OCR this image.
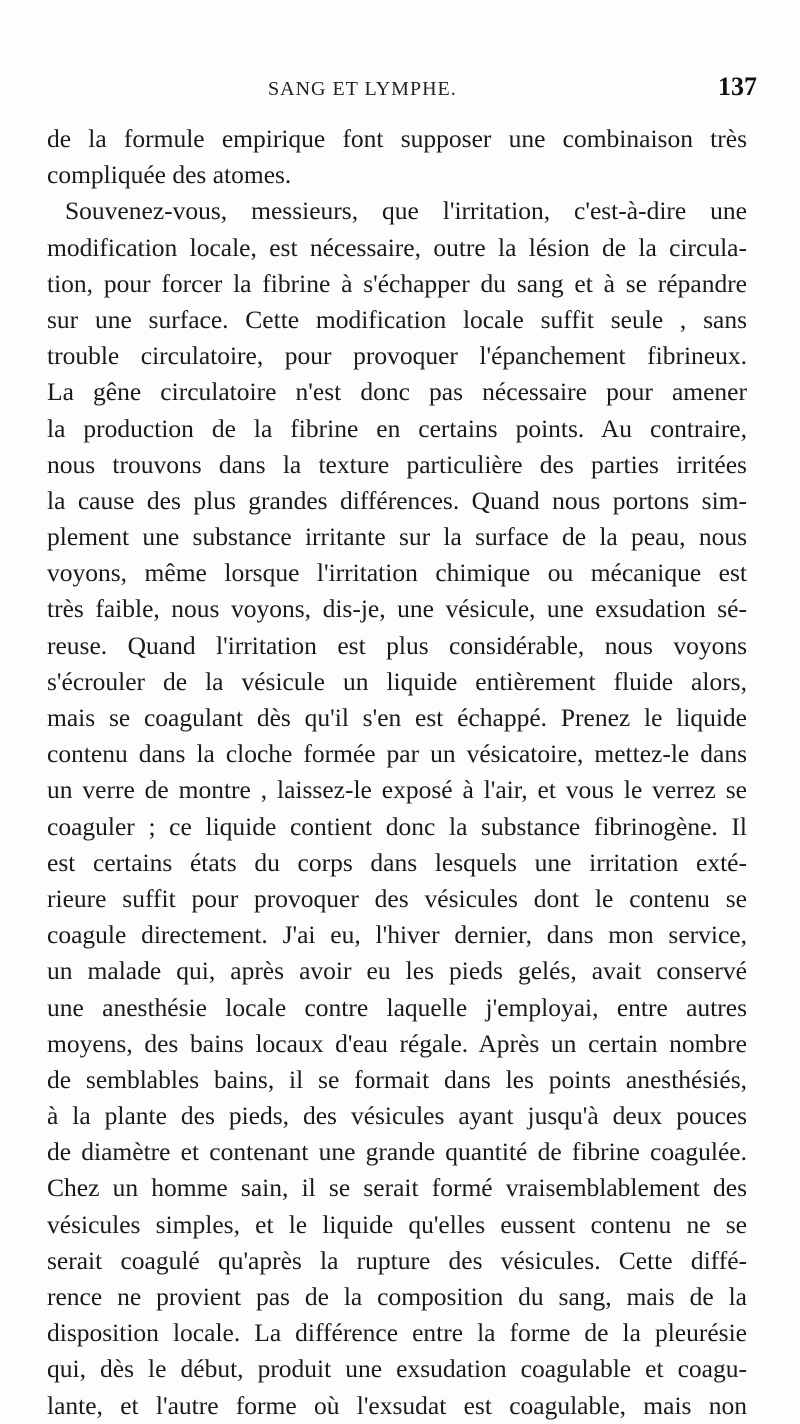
SANG ET LYMPHE.	137
de la formule empirique font supposer une combinaison très
compliquée des atomes.
Souvenez-vous, messieurs, que l'irritation, c'est-à-dire une
modification locale, est nécessaire, outre la lésion de la circula-
tion, pour forcer la fibrine à s'échapper du sang et à se répandre
sur une surface. Cette modification locale suffit seule , sans
trouble circulatoire, pour provoquer l'épanchement fibrineux.
La gêne circulatoire n'est donc pas nécessaire pour amener
la production de la fibrine en certains points. Au contraire,
nous trouvons dans la texture particulière des parties irritées
la cause des plus grandes différences. Quand nous portons sim-
plement une substance irritante sur la surface de la peau, nous
voyons, même lorsque l'irritation chimique ou mécanique est
très faible, nous voyons, dis-je, une vésicule, une exsudation sé-
reuse. Quand l'irritation est plus considérable, nous voyons
s'écrouler de la vésicule un liquide entièrement fluide alors,
mais se coagulant dès qu'il s'en est échappé. Prenez le liquide
contenu dans la cloche formée par un vésicatoire, mettez-le dans
un verre de montre , laissez-le exposé à l'air, et vous le verrez se
coaguler ; ce liquide contient donc la substance fibrinogène. Il
est certains états du corps dans lesquels une irritation exté-
rieure suffit pour provoquer des vésicules dont le contenu se
coagule directement. J'ai eu, l'hiver dernier, dans mon service,
un malade qui, après avoir eu les pieds gelés, avait conservé
une anesthésie locale contre laquelle j'employai, entre autres
moyens, des bains locaux d'eau régale. Après un certain nombre
de semblables bains, il se formait dans les points anesthésiés,
à la plante des pieds, des vésicules ayant jusqu'à deux pouces
de diamètre et contenant une grande quantité de fibrine coagulée.
Chez un homme sain, il se serait formé vraisemblablement des
vésicules simples, et le liquide qu'elles eussent contenu ne se
serait coagulé qu'après la rupture des vésicules. Cette diffé-
rence ne provient pas de la composition du sang, mais de la
disposition locale. La différence entre la forme de la pleurésie
qui, dès le début, produit une exsudation coagulable et coagu-
lante, et l'autre forme où l'exsudat est coagulable, mais non
